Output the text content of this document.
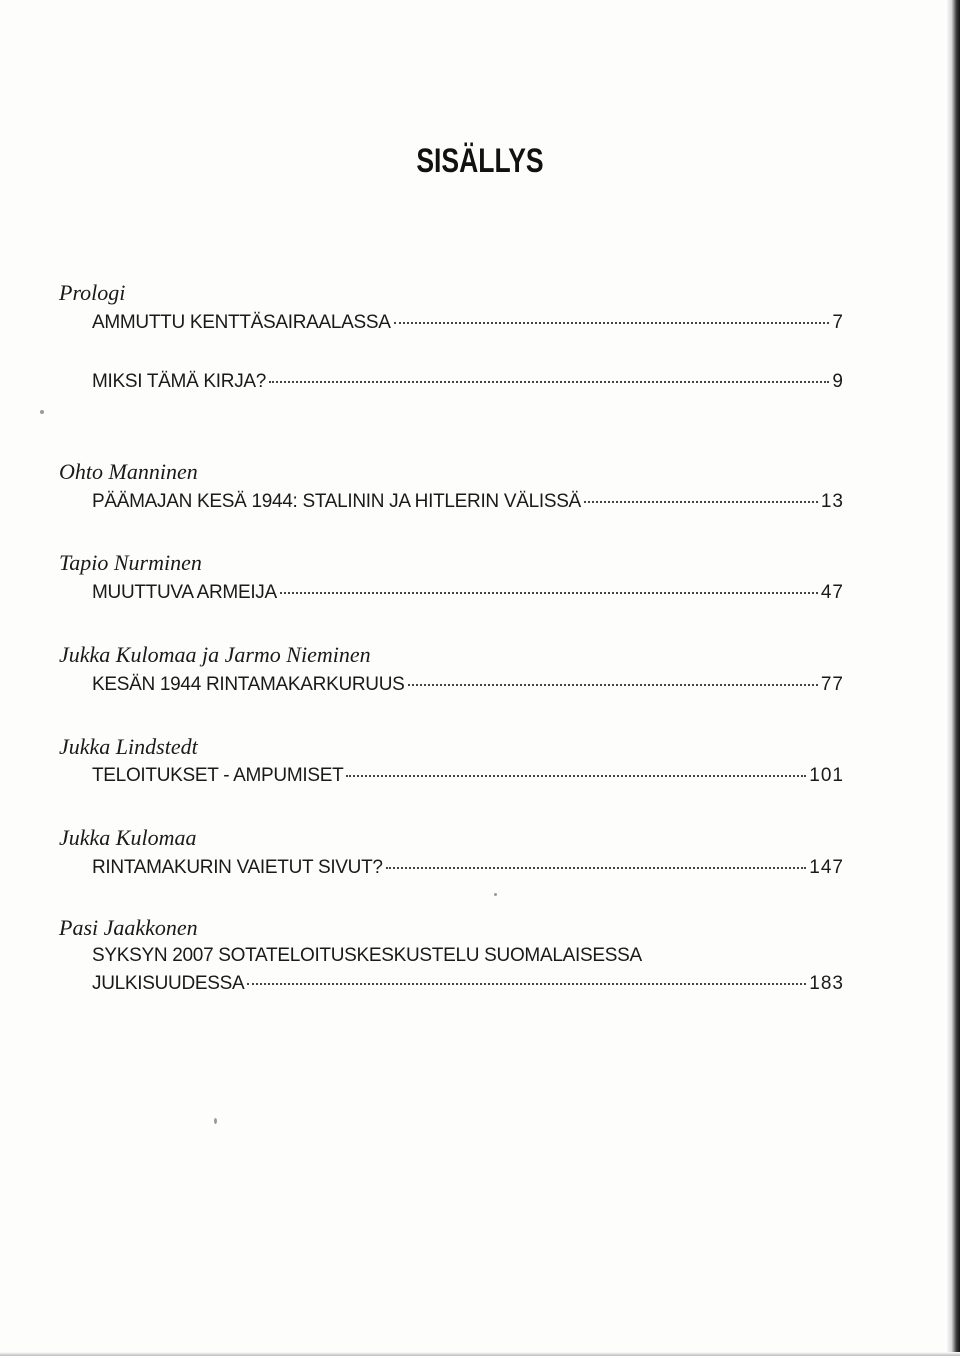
SISÄLLYS
Prologi
AMMUTTU KENTTÄSAIRAALASSA	7
MIKSI TÄMÄ KIRJA?	9
Ohto Manninen
PÄÄMAJAN KESÄ 1944: STALININ JA HITLERIN VÄLISSÄ	13
Tapio Nurminen
MUUTTUVA ARMEIJA	47
Jukka Kulomaa ja Jarmo Nieminen
KESÄN 1944 RINTAMAKARKURUUS	77
Jukka Lindstedt
TELOITUKSET - AMPUMISET	101
Jukka Kulomaa
RINTAMAKURIN VAIETUT SIVUT?	147
Pasi Jaakkonen
SYKSYN 2007 SOTATELOITUSKESKUSTELU SUOMALAISESSA
JULKISUUDESSA	183
